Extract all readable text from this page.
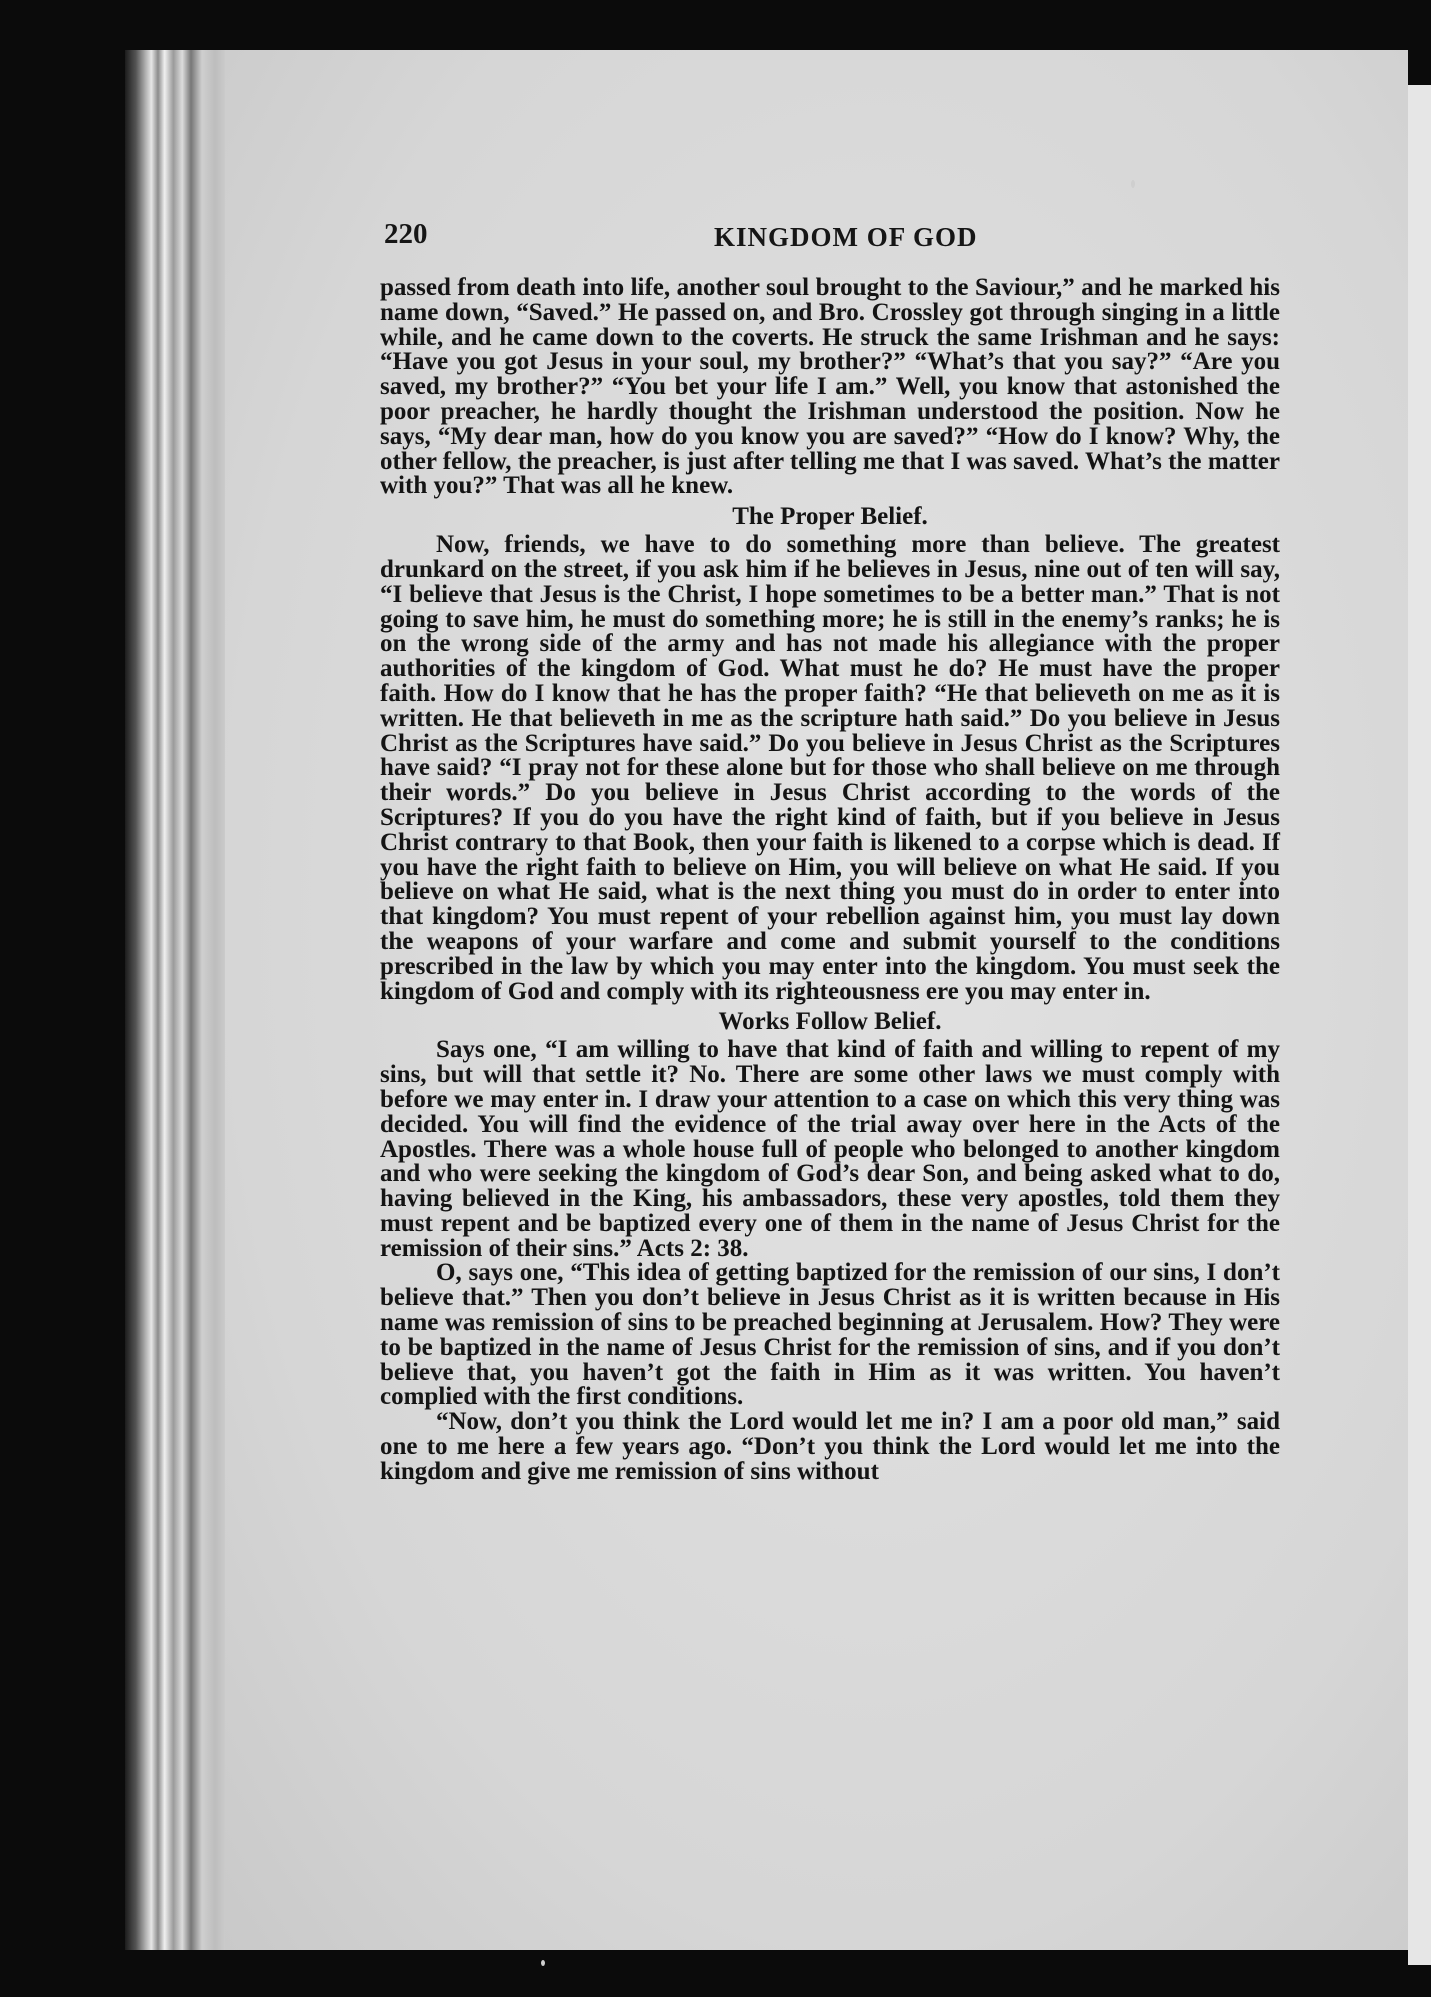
220	KINGDOM OF GOD

passed from death into life, another soul brought to the Saviour,” and he marked his name down, “Saved.” He passed on, and Bro. Crossley got through singing in a little while, and he came down to the coverts. He struck the same Irishman and he says: “Have you got Jesus in your soul, my brother?” “What’s that you say?” “Are you saved, my brother?” “You bet your life I am.” Well, you know that astonished the poor preacher, he hardly thought the Irishman understood the position. Now he says, “My dear man, how do you know you are saved?” “How do I know? Why, the other fellow, the preacher, is just after telling me that I was saved. What’s the matter with you?” That was all he knew.

The Proper Belief.

Now, friends, we have to do something more than believe. The greatest drunkard on the street, if you ask him if he believes in Jesus, nine out of ten will say, “I believe that Jesus is the Christ, I hope sometimes to be a better man.” That is not going to save him, he must do something more; he is still in the enemy’s ranks; he is on the wrong side of the army and has not made his allegiance with the proper authorities of the kingdom of God. What must he do? He must have the proper faith. How do I know that he has the proper faith? “He that believeth on me as it is written. He that believeth in me as the scripture hath said.” Do you believe in Jesus Christ as the Scriptures have said.” Do you believe in Jesus Christ as the Scriptures have said? “I pray not for these alone but for those who shall believe on me through their words.” Do you believe in Jesus Christ according to the words of the Scriptures? If you do you have the right kind of faith, but if you believe in Jesus Christ contrary to that Book, then your faith is likened to a corpse which is dead. If you have the right faith to believe on Him, you will believe on what He said. If you believe on what He said, what is the next thing you must do in order to enter into that kingdom? You must repent of your rebellion against him, you must lay down the weapons of your warfare and come and submit yourself to the conditions prescribed in the law by which you may enter into the kingdom. You must seek the kingdom of God and comply with its righteousness ere you may enter in.

Works Follow Belief.

Says one, “I am willing to have that kind of faith and willing to repent of my sins, but will that settle it? No. There are some other laws we must comply with before we may enter in. I draw your attention to a case on which this very thing was decided. You will find the evidence of the trial away over here in the Acts of the Apostles. There was a whole house full of people who belonged to another kingdom and who were seeking the kingdom of God’s dear Son, and being asked what to do, having believed in the King, his ambassadors, these very apostles, told them they must repent and be baptized every one of them in the name of Jesus Christ for the remission of their sins.” Acts 2: 38.

O, says one, “This idea of getting baptized for the remission of our sins, I don’t believe that.” Then you don’t believe in Jesus Christ as it is written because in His name was remission of sins to be preached beginning at Jerusalem. How? They were to be baptized in the name of Jesus Christ for the remission of sins, and if you don’t believe that, you haven’t got the faith in Him as it was written. You haven’t complied with the first conditions.

“Now, don’t you think the Lord would let me in? I am a poor old man,” said one to me here a few years ago. “Don’t you think the Lord would let me into the kingdom and give me remission of sins without
